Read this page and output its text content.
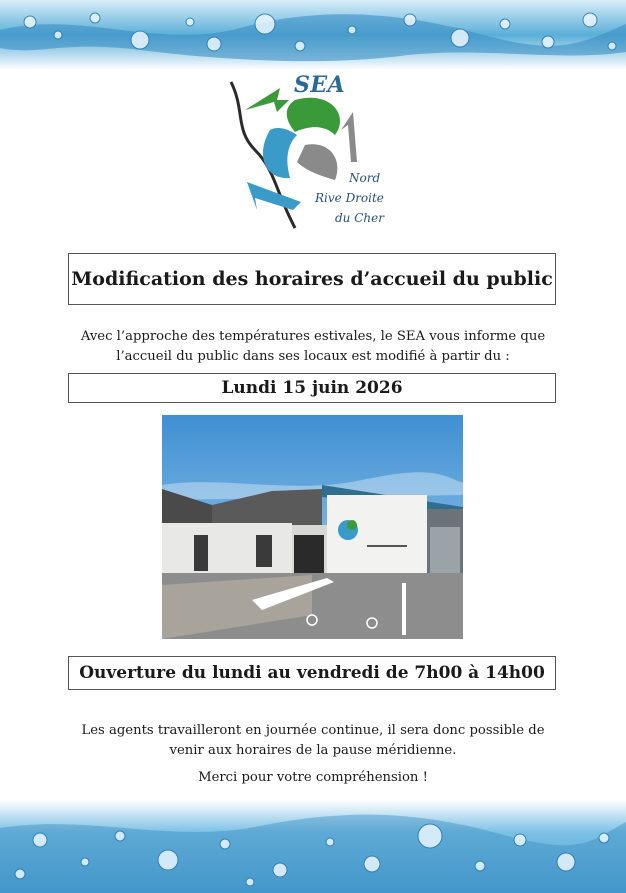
SEA
Nord
Rive Droite
du Cher
Modification des horaires d’accueil du public

Avec l’approche des températures estivales, le SEA vous informe que
l’accueil du public dans ses locaux est modifié à partir du :

Lundi 15 juin 2026
Ouverture du lundi au vendredi de 7h00 à 14h00

Les agents travailleront en journée continue, il sera donc possible de
venir aux horaires de la pause méridienne.

Merci pour votre compréhension !
